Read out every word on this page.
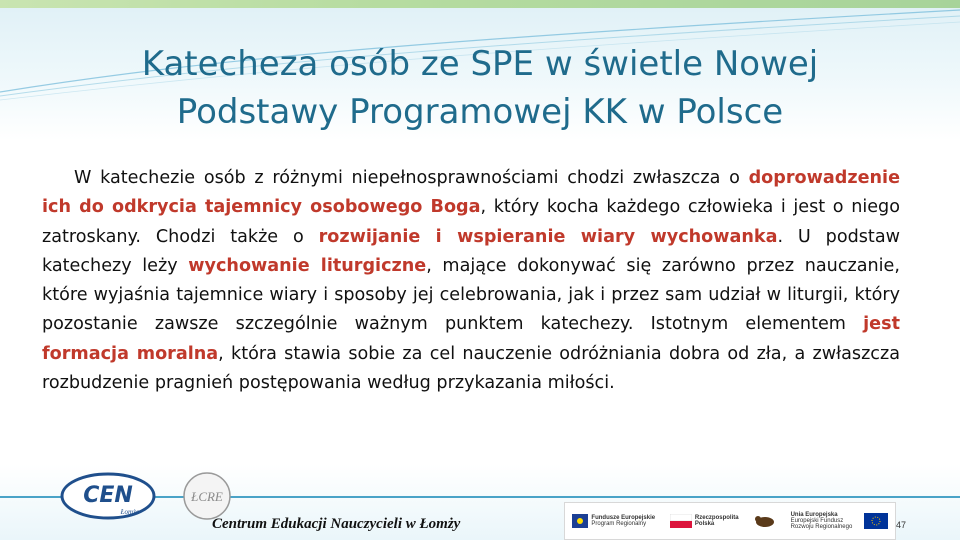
Katecheza osób ze SPE w świetle Nowej Podstawy Programowej KK w Polsce

W katechezie osób z różnymi niepełnosprawnościami chodzi zwłaszcza o doprowadzenie ich do odkrycia tajemnicy osobowego Boga, który kocha każdego człowieka i jest o niego zatroskany. Chodzi także o rozwijanie i wspieranie wiary wychowanka. U podstaw katechezy leży wychowanie liturgiczne, mające dokonywać się zarówno przez nauczanie, które wyjaśnia tajemnice wiary i sposoby jej celebrowania, jak i przez sam udział w liturgii, który pozostanie zawsze szczególnie ważnym punktem katechezy. Istotnym elementem jest formacja moralna, która stawia sobie za cel nauczenie odróżniania dobra od zła, a zwłaszcza rozbudzenie pragnień postępowania według przykazania miłości.

CEN
Łomża
ŁCRE
Centrum Edukacji Nauczycieli w Łomży	Fundusze Europejskie
Program Regionalny
Rzeczpospolita Polska
Unia Europejska
Europejski Fundusz Rozwoju Regionalnego	47
